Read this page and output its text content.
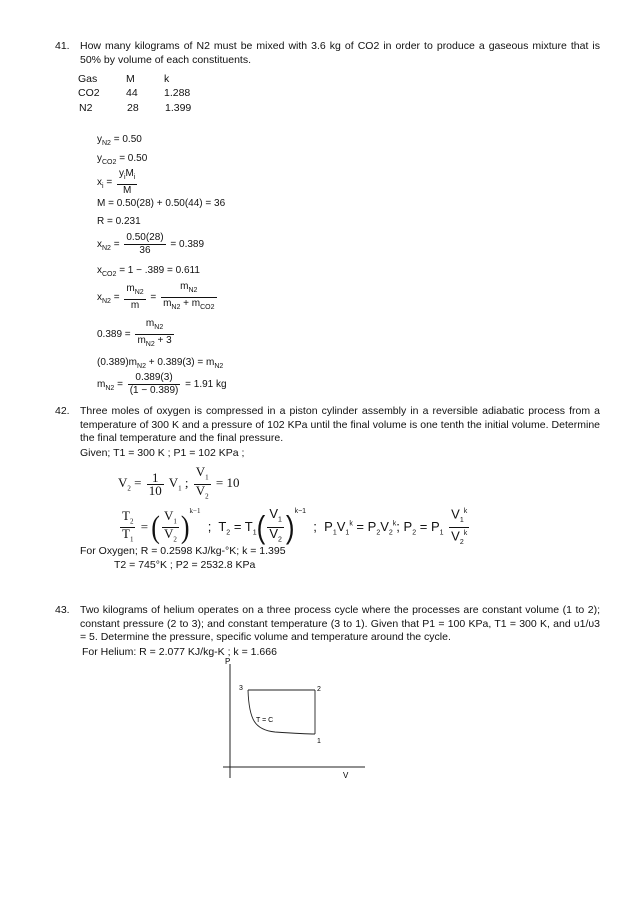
41. How many kilograms of N2 must be mixed with 3.6 kg of CO2 in order to produce a gaseous mixture that is 50% by volume of each constituents.
Gas	M	k
CO2	44	1.288
N2	28	1.399
$y_{N2} = 0.50$
$y_{CO2} = 0.50$
$x_i = \frac{y_iM_i}{M}$
M = 0.50(28) + 0.50(44) = 36
R = 0.231
$x_{N2} = \frac{0.50(28)}{36} = 0.389$
$x_{CO2} = 1 - .389 = 0.611$
$x_{N2} = \frac{m_{N2}}{m} = \frac{m_{N2}}{m_{N2} + m_{CO2}}$
$0.389 = \frac{m_{N2}}{m_{N2} + 3}$
$(0.389)m_{N2} + 0.389(3) = m_{N2}$
$m_{N2} = \frac{0.389(3)}{(1 - 0.389)} = 1.91$ kg
42. Three moles of oxygen is compressed in a piston cylinder assembly in a reversible adiabatic process from a temperature of 300 K and a pressure of 102 KPa until the final volume is one tenth the initial volume. Determine the final temperature and the final pressure.
Given; T1 = 300 K ; P1 = 102 KPa ;
$V_2 = \frac{1}{10} V_1$ ; $\frac{V_1}{V_2} = 10$
$\frac{T_2}{T_1}$ = ( $\frac{V_1}{V_2} )^{k-1}$  ; $T_2 = T_1( \frac{V_1}{V_2} )^{k-1}$  ; $P_1V_1^k = P_2V_2^k$; $P_2 = P_1 \frac{V_1^k}{V_2^k}$
For Oxygen; R = 0.2598 KJ/kg-°K; k = 1.395
T2 = 745°K ; P2 = 2532.8 KPa
43. Two kilograms of helium operates on a three process cycle where the processes are constant volume (1 to 2); constant pressure (2 to 3); and constant temperature (3 to 1). Given that P1 = 100 KPa, T1 = 300 K, and υ1/υ3 = 5. Determine the pressure, specific volume and temperature around the cycle.
For Helium: R = 2.077 KJ/kg-K ; k = 1.666
P
V
3	2
1
T = C
